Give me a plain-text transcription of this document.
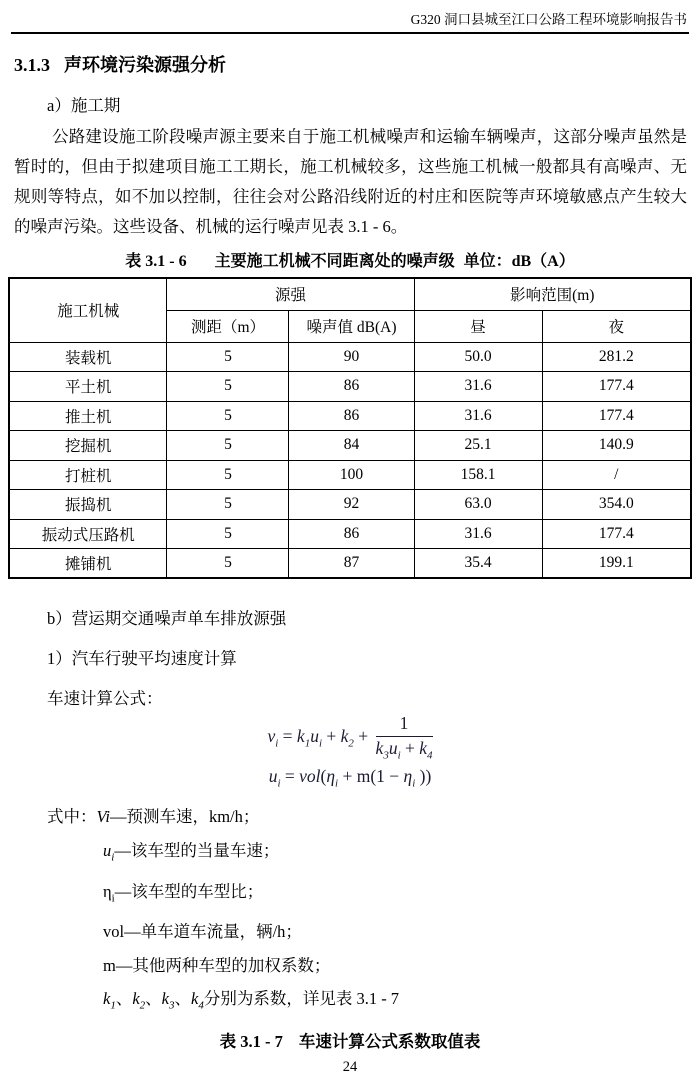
G320 洞口县城至江口公路工程环境影响报告书
3.1.3 声环境污染源强分析
a）施工期
公路建设施工阶段噪声源主要来自于施工机械噪声和运输车辆噪声，这部分噪声虽然是暂时的，但由于拟建项目施工工期长，施工机械较多，这些施工机械一般都具有高噪声、无规则等特点，如不加以控制，往往会对公路沿线附近的村庄和医院等声环境敏感点产生较大的噪声污染。这些设备、机械的运行噪声见表 3.1 - 6。
表 3.1 - 6 主要施工机械不同距离处的噪声级 单位：dB（A）
施工机械	源强		影响范围(m)	
	测距（m）	噪声值 dB(A)	昼	夜
装载机	5	90	50.0	281.2
平土机	5	86	31.6	177.4
推土机	5	86	31.6	177.4
挖掘机	5	84	25.1	140.9
打桩机	5	100	158.1	/
振捣机	5	92	63.0	354.0
振动式压路机	5	86	31.6	177.4
摊铺机	5	87	35.4	199.1
b）营运期交通噪声单车排放源强
1）汽车行驶平均速度计算
车速计算公式：
$v_i = k_1u_i + k_2 + \frac{1}{k_3u_i + k_4}$
$u_i = vol(\eta_i + m(1 - \eta_i$ ))
式中：Vi—预测车速，km/h；
$u_i—$该车型的当量车速；
$\eta_i—$该车型的车型比；
vol—单车道车流量，辆/h；
m—其他两种车型的加权系数；
$k_1$、$k_2$、$k_3$、$k_4$分别为系数，详见表 3.1 - 7
表 3.1 - 7 车速计算公式系数取值表
24
